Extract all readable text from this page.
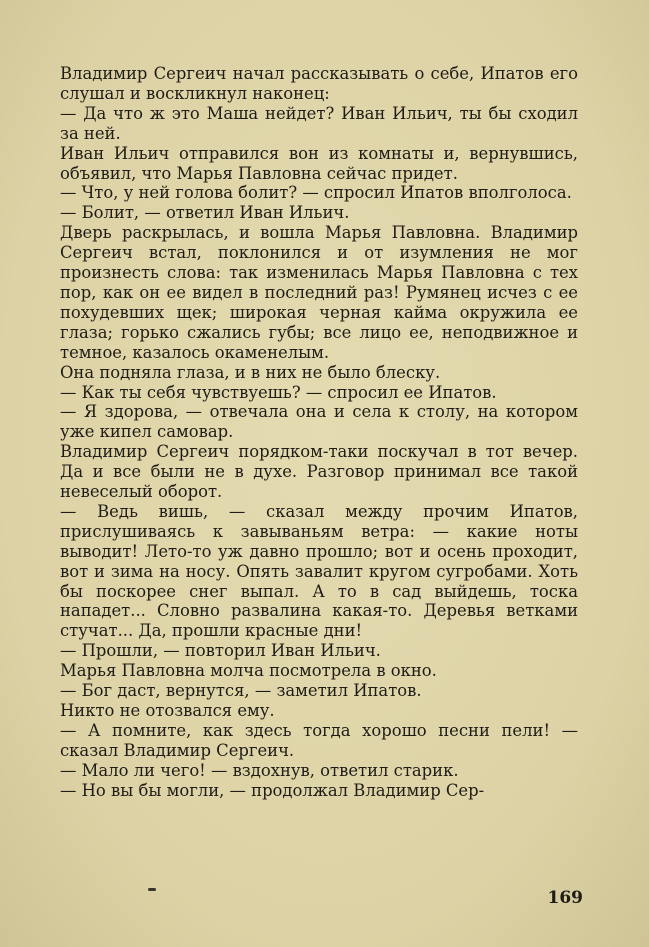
Владимир Сергеич начал рассказывать о себе, Ипатов его слушал и воскликнул наконец:

— Да что ж это Маша нейдет? Иван Ильич, ты бы сходил за ней.

Иван Ильич отправился вон из комнаты и, вернувшись, объявил, что Марья Павловна сейчас придет.

— Что, у ней голова болит? — спросил Ипатов вполголоса.

— Болит, — ответил Иван Ильич.

Дверь раскрылась, и вошла Марья Павловна. Владимир Сергеич встал, поклонился и от изумления не мог произнесть слова: так изменилась Марья Павловна с тех пор, как он ее видел в последний раз! Румянец исчез с ее похудевших щек; широкая черная кайма окружила ее глаза; горько сжались губы; все лицо ее, неподвижное и темное, казалось окаменелым.

Она подняла глаза, и в них не было блеску.

— Как ты себя чувствуешь? — спросил ее Ипатов.

— Я здорова, — отвечала она и села к столу, на котором уже кипел самовар.

Владимир Сергеич порядком-таки поскучал в тот вечер. Да и все были не в духе. Разговор принимал все такой невеселый оборот.

— Ведь вишь, — сказал между прочим Ипатов, прислушиваясь к завываньям ветра: — какие ноты выводит! Лето-то уж давно прошло; вот и осень проходит, вот и зима на носу. Опять завалит кругом сугробами. Хоть бы поскорее снег выпал. А то в сад выйдешь, тоска нападет... Словно развалина какая-то. Деревья ветками стучат... Да, прошли красные дни!

— Прошли, — повторил Иван Ильич.

Марья Павловна молча посмотрела в окно.

— Бог даст, вернутся, — заметил Ипатов.

Никто не отозвался ему.

— А помните, как здесь тогда хорошо песни пели! — сказал Владимир Сергеич.

— Мало ли чего! — вздохнув, ответил старик.

— Но вы бы могли, — продолжал Владимир Сер-

169
